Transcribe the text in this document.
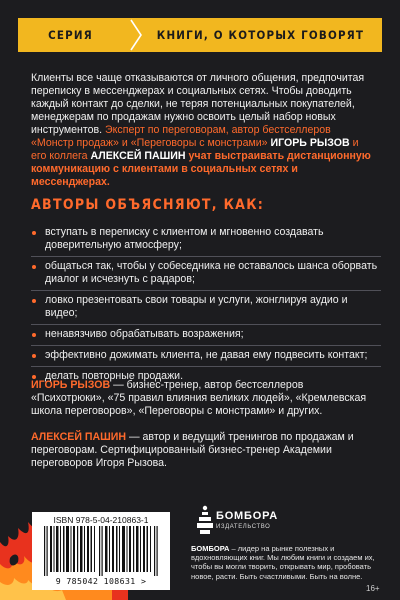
СЕРИЯ	КНИГИ, О КОТОРЫХ ГОВОРЯТ
Клиенты все чаще отказываются от личного общения, предпочитая переписку в мессенджерах и социальных сетях. Чтобы доводить каждый контакт до сделки, не теряя потенциальных покупателей, менеджерам по продажам нужно освоить целый набор новых инструментов. Эксперт по переговорам, автор бестселлеров «Монстр продаж» и «Переговоры с монстрами» ИГОРЬ РЫЗОВ и его коллега АЛЕКСЕЙ ПАШИН учат выстраивать дистанционную коммуникацию с клиентами в социальных сетях и мессенджерах.
АВТОРЫ ОБЪЯСНЯЮТ, КАК:
вступать в переписку с клиентом и мгновенно создавать доверительную атмосферу;
общаться так, чтобы у собеседника не оставалось шанса оборвать диалог и исчезнуть с радаров;
ловко презентовать свои товары и услуги, жонглируя аудио и видео;
ненавязчиво обрабатывать возражения;
эффективно дожимать клиента, не давая ему подвесить контакт;
делать повторные продажи.
ИГОРЬ РЫЗОВ — бизнес-тренер, автор бестселлеров «Психотрюки», «75 правил влияния великих людей», «Кремлевская школа переговоров», «Переговоры с монстрами» и других.
АЛЕКСЕЙ ПАШИН — автор и ведущий тренингов по продажам и переговорам. Сертифицированный бизнес-тренер Академии переговоров Игоря Рызова.
ISBN 978-5-04-210863-1
9 785042 108631 >
БОМБОРА
ИЗДАТЕЛЬСТВО
БОМБОРА – лидер на рынке полезных и вдохновляющих книг. Мы любим книги и создаем их, чтобы вы могли творить, открывать мир, пробовать новое, расти. Быть счастливыми. Быть на волне.
16+
